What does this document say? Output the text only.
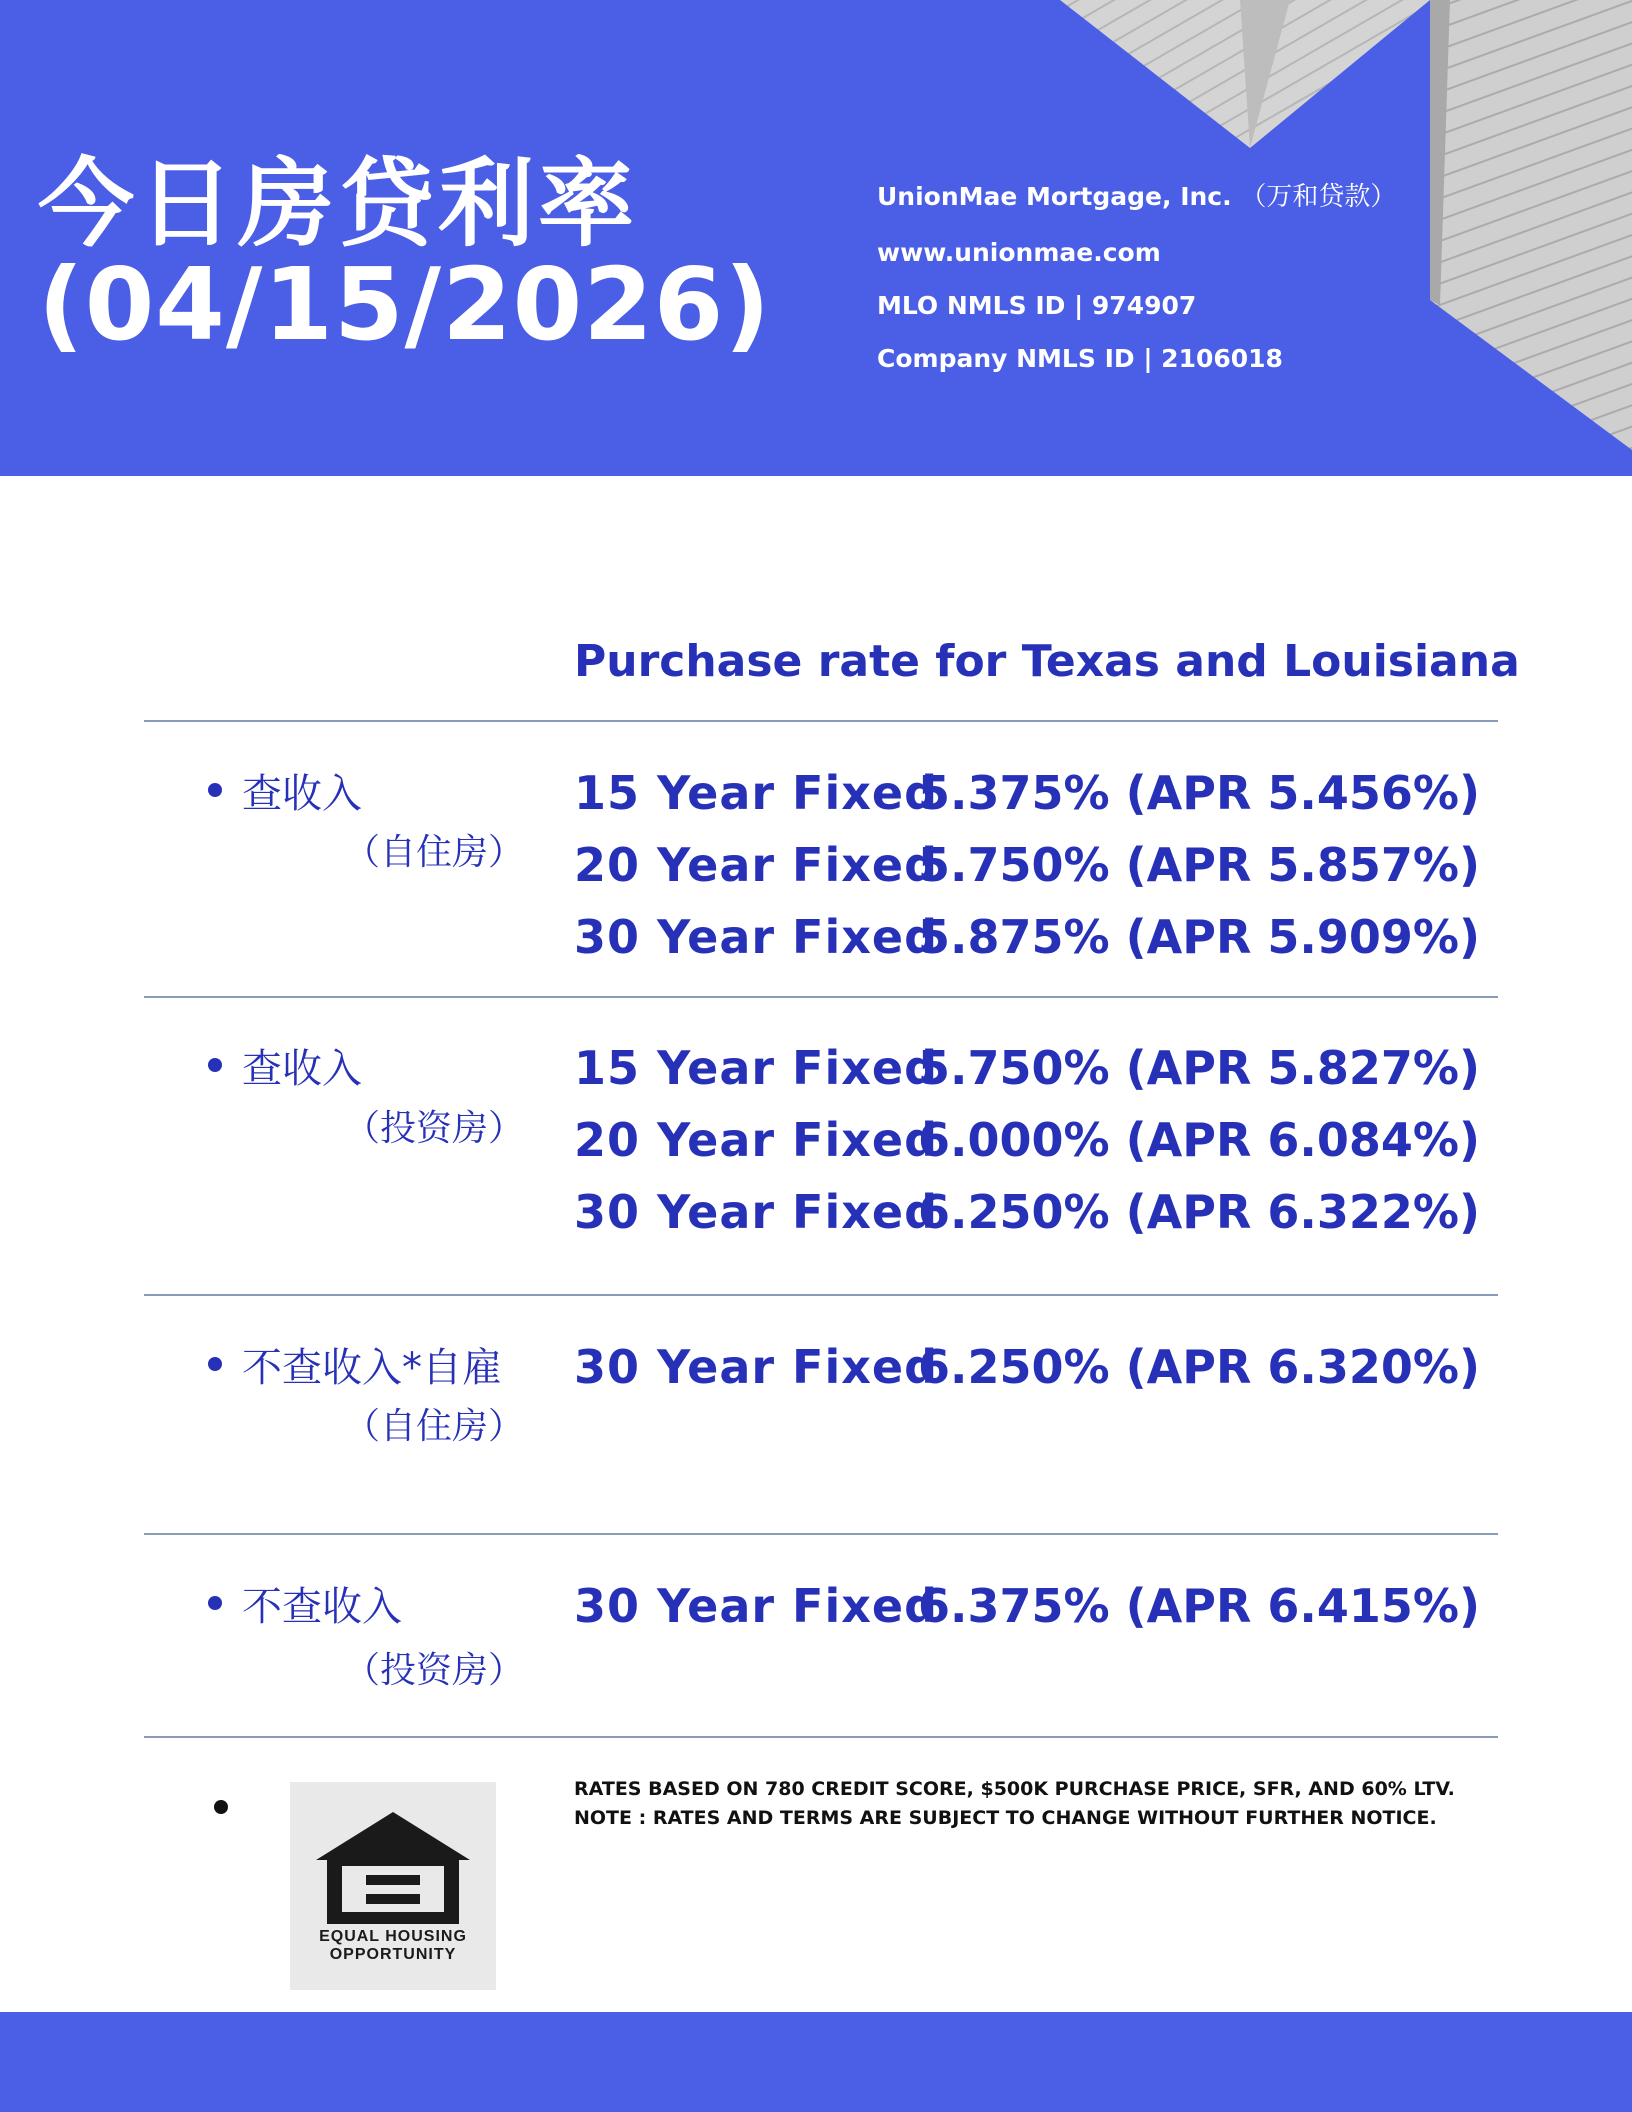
今日房贷利率
(04/15/2026)
UnionMae Mortgage, Inc. （万和贷款）
www.unionmae.com
MLO NMLS ID | 974907
Company NMLS ID | 2106018
Purchase rate for Texas and Louisiana
查收入
（自住房）
15 Year Fixed
5.375% (APR 5.456%)
20 Year Fixed
5.750% (APR 5.857%)
30 Year Fixed
5.875% (APR 5.909%)
查收入
（投资房）
15 Year Fixed
5.750% (APR 5.827%)
20 Year Fixed
6.000% (APR 6.084%)
30 Year Fixed
6.250% (APR 6.322%)
不查收入*自雇
（自住房）
30 Year Fixed
6.250% (APR 6.320%)
不查收入
（投资房）
30 Year Fixed
6.375% (APR 6.415%)
EQUAL HOUSING
OPPORTUNITY
RATES BASED ON 780 CREDIT SCORE, $500K PURCHASE PRICE, SFR, AND 60% LTV.
NOTE : RATES AND TERMS ARE SUBJECT TO CHANGE WITHOUT FURTHER NOTICE.
